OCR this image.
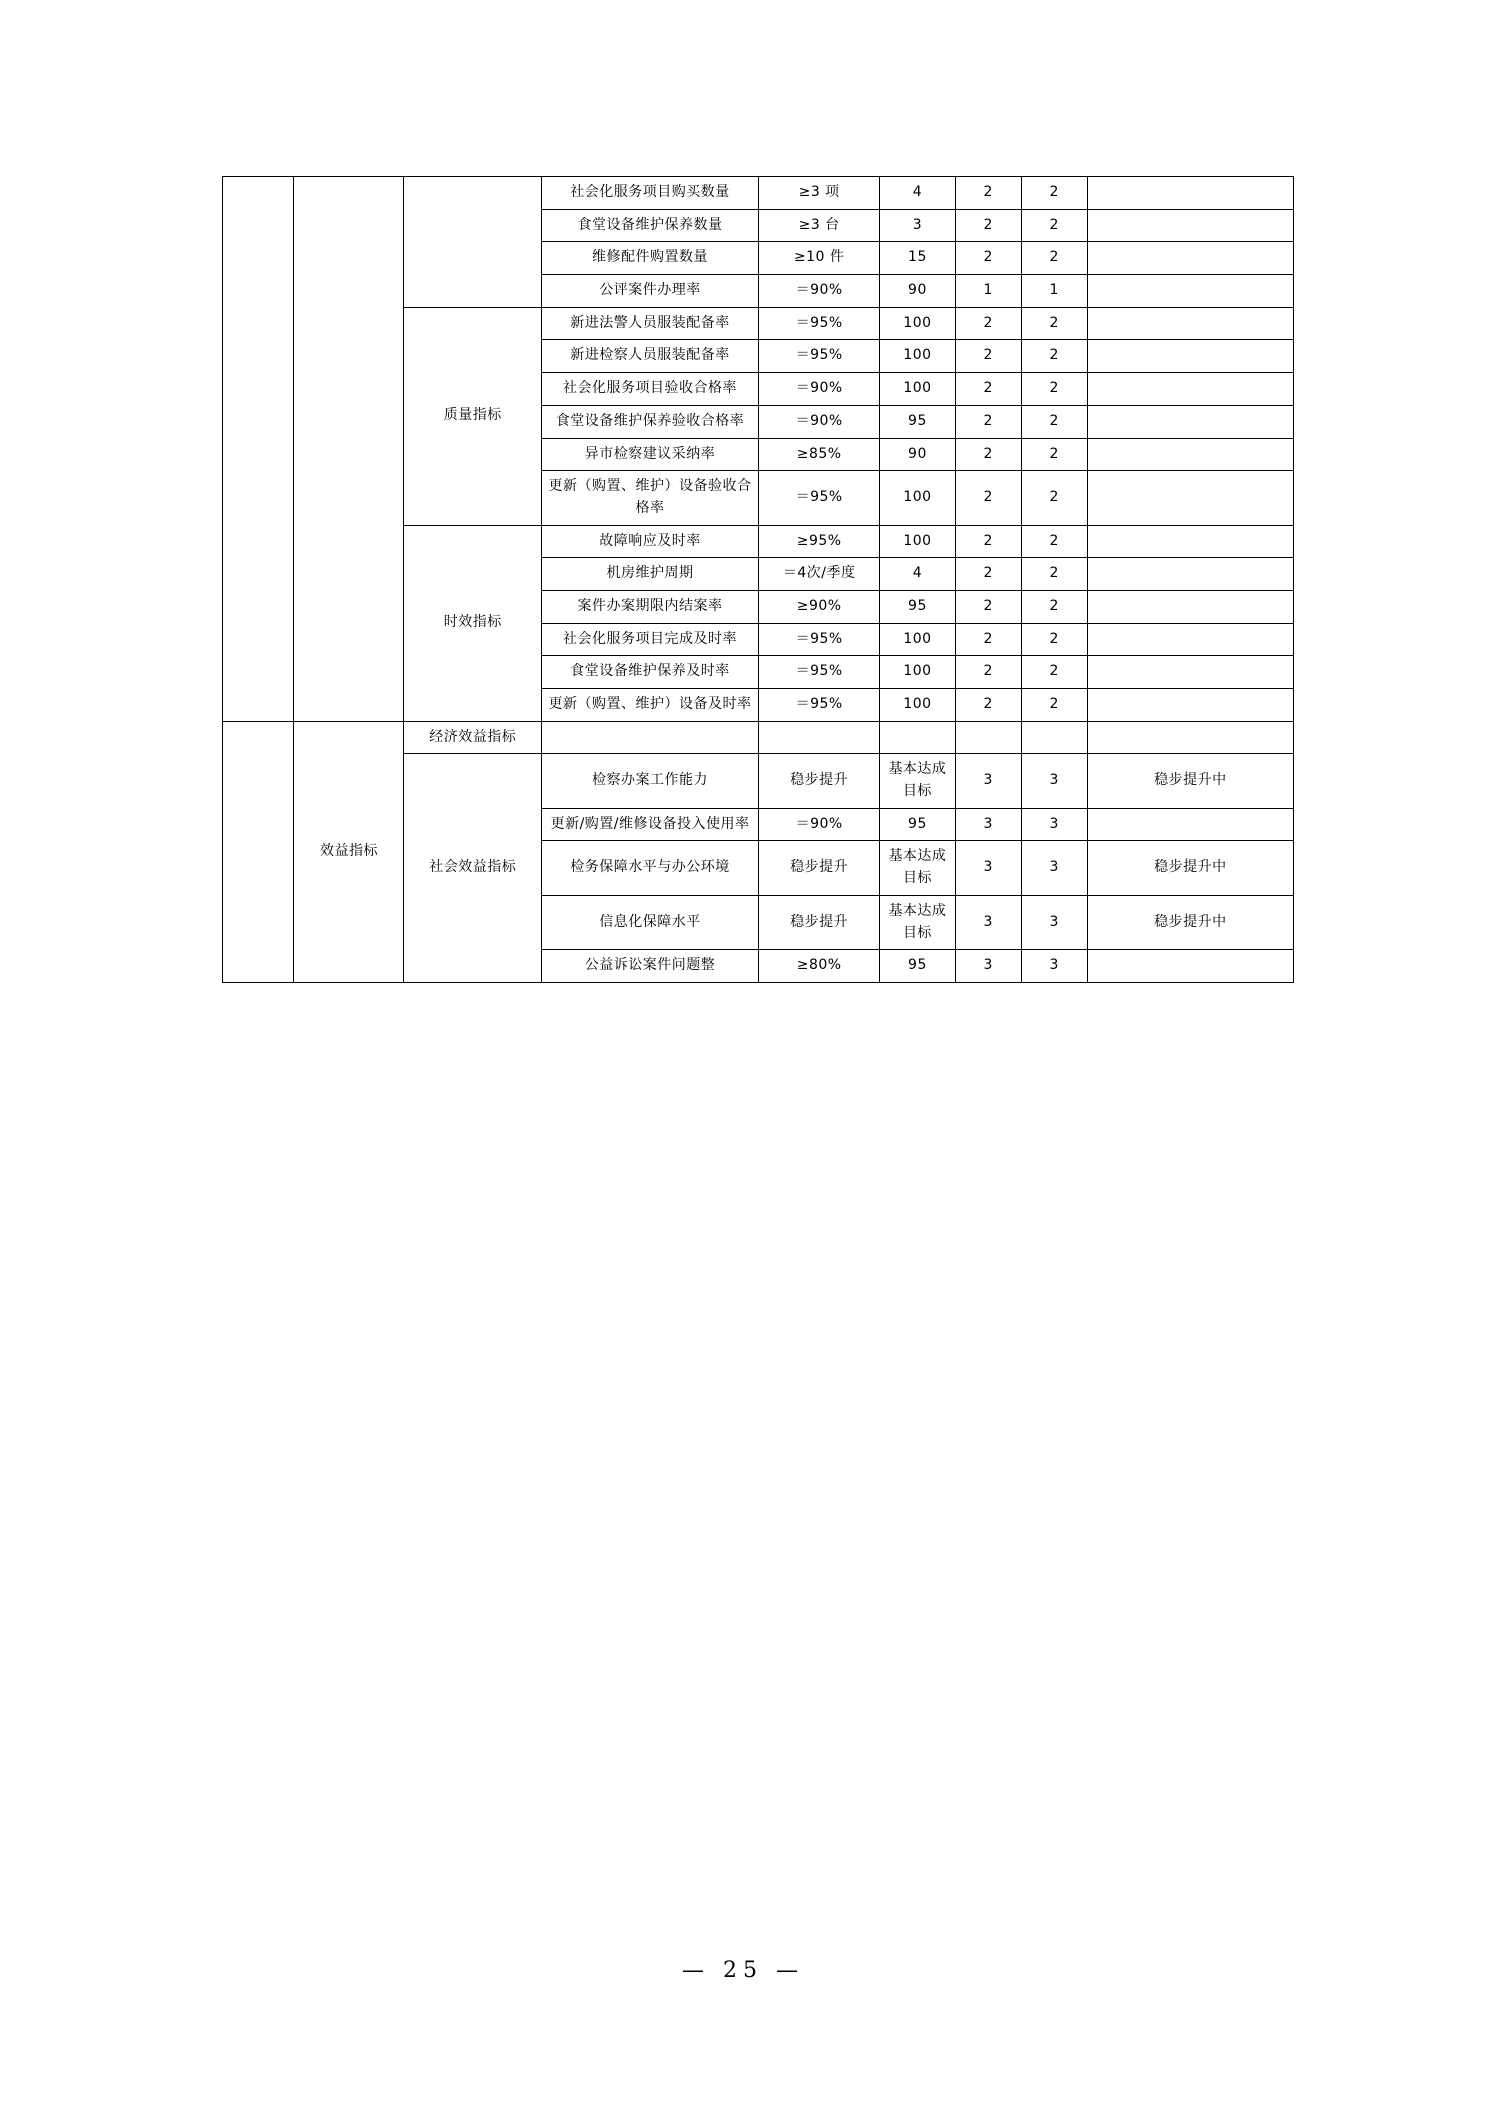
			社会化服务项目购买数量	≥3 项	4	2	2	
			食堂设备维护保养数量	≥3 台	3	2	2	
			维修配件购置数量	≥10 件	15	2	2	
			公评案件办理率	＝90%	90	1	1	
		质量指标	新进法警人员服装配备率	＝95%	100	2	2	
			新进检察人员服装配备率	＝95%	100	2	2	
			社会化服务项目验收合格率	＝90%	100	2	2	
			食堂设备维护保养验收合格率	＝90%	95	2	2	
			异市检察建议采纳率	≥85%	90	2	2	
			更新（购置、维护）设备验收合格率	＝95%	100	2	2	
		时效指标	故障响应及时率	≥95%	100	2	2	
			机房维护周期	＝4次/季度	4	2	2	
			案件办案期限内结案率	≥90%	95	2	2	
			社会化服务项目完成及时率	＝95%	100	2	2	
			食堂设备维护保养及时率	＝95%	100	2	2	
			更新（购置、维护）设备及时率	＝95%	100	2	2	
	效益指标	经济效益指标						
		社会效益指标	检察办案工作能力	稳步提升	基本达成目标	3	3	稳步提升中
			更新/购置/维修设备投入使用率	＝90%	95	3	3	
			检务保障水平与办公环境	稳步提升	基本达成目标	3	3	稳步提升中
			信息化保障水平	稳步提升	基本达成目标	3	3	稳步提升中
			公益诉讼案件问题整	≥80%	95	3	3	
— 25 —
